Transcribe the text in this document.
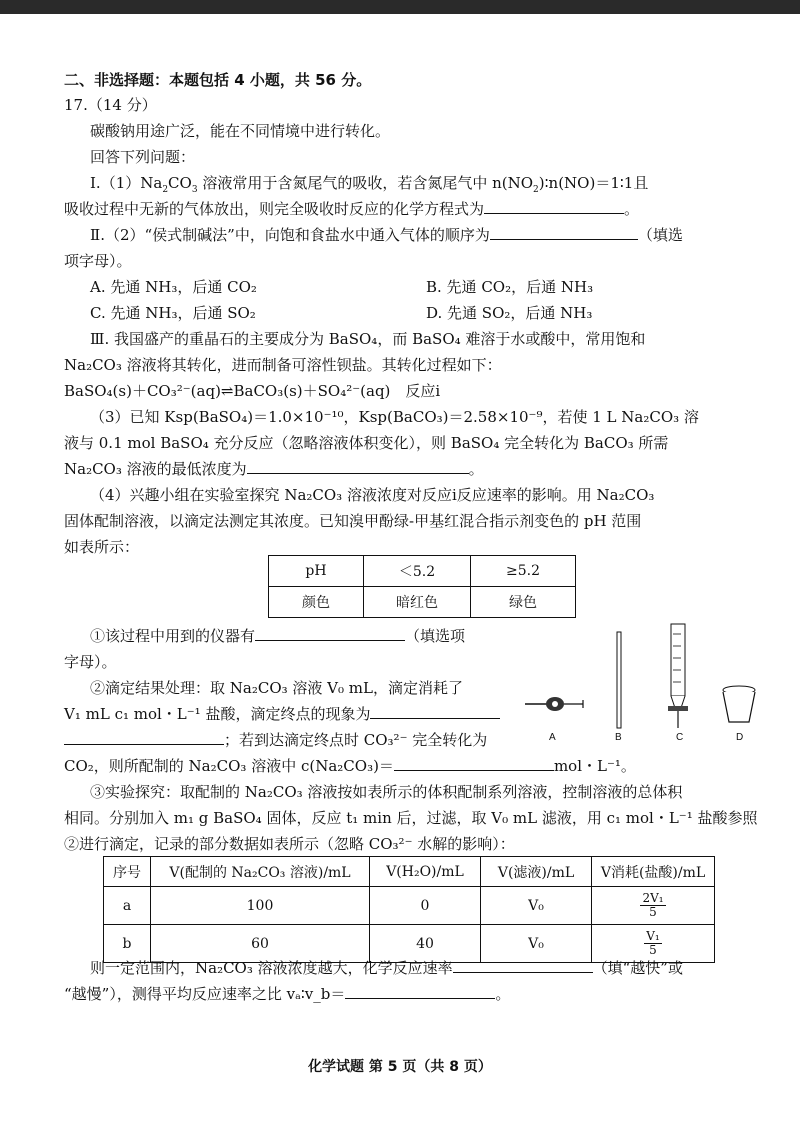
二、非选择题：本题包括 4 小题，共 56 分。
17.（14 分）
碳酸钠用途广泛，能在不同情境中进行转化。
回答下列问题：
$Ⅰ.(1)Na_2CO_3$ 溶液常用于含氮尾气的吸收，若含氮尾气中 $n(NO_2)∶n(NO)=1∶1$且
吸收过程中无新的气体放出，则完全吸收时反应的化学方程式为	。
Ⅱ.（2）“侯式制碱法”中，向饱和食盐水中通入气体的顺序为	（填选
项字母）。
A. 先通 NH₃，后通 CO₂	B. 先通 CO₂，后通 NH₃
C. 先通 NH₃，后通 SO₂	D. 先通 SO₂，后通 NH₃
Ⅲ. 我国盛产的重晶石的主要成分为 BaSO₄，而 BaSO₄ 难溶于水或酸中，常用饱和
Na₂CO₃ 溶液将其转化，进而制备可溶性钡盐。其转化过程如下：
BaSO₄(s)＋CO₃²⁻(aq)⇌BaCO₃(s)＋SO₄²⁻(aq)　反应ⅰ
（3）已知 Ksp(BaSO₄)＝1.0×10⁻¹⁰，Ksp(BaCO₃)＝2.58×10⁻⁹，若使 1 L Na₂CO₃ 溶
液与 0.1 mol BaSO₄ 充分反应（忽略溶液体积变化），则 BaSO₄ 完全转化为 BaCO₃ 所需
Na₂CO₃ 溶液的最低浓度为	。
（4）兴趣小组在实验室探究 Na₂CO₃ 溶液浓度对反应ⅰ反应速率的影响。用 Na₂CO₃
固体配制溶液，以滴定法测定其浓度。已知溴甲酚绿-甲基红混合指示剂变色的 pH 范围
如表所示：
pH	＜5.2	≥5.2
颜色	暗红色	绿色
①该过程中用到的仪器有	（填选项
字母）。
②滴定结果处理：取 Na₂CO₃ 溶液 V₀ mL，滴定消耗了
V₁ mL c₁ mol・L⁻¹ 盐酸，滴定终点的现象为
；若到达滴定终点时 CO₃²⁻ 完全转化为
CO₂，则所配制的 Na₂CO₃ 溶液中 c(Na₂CO₃)＝	mol・L⁻¹。
A	B	C	D
③实验探究：取配制的 Na₂CO₃ 溶液按如表所示的体积配制系列溶液，控制溶液的总体积
相同。分别加入 m₁ g BaSO₄ 固体，反应 t₁ min 后，过滤，取 V₀ mL 滤液，用 c₁ mol・L⁻¹ 盐酸参照
②进行滴定，记录的部分数据如表所示（忽略 CO₃²⁻ 水解的影响）：
序号	V(配制的 Na₂CO₃ 溶液)/mL	V(H₂O)/mL	V(滤液)/mL	V消耗(盐酸)/mL
a	100	0	V₀	$\frac{\text{2V₁}}{5}$

b	60	40	V₀	$\frac{\text{V₁}}{5}$
则一定范围内，Na₂CO₃ 溶液浓度越大，化学反应速率	（填“越快”或
“越慢”），测得平均反应速率之比 vₐ∶v_b＝	。
化学试题 第 5 页（共 8 页）
